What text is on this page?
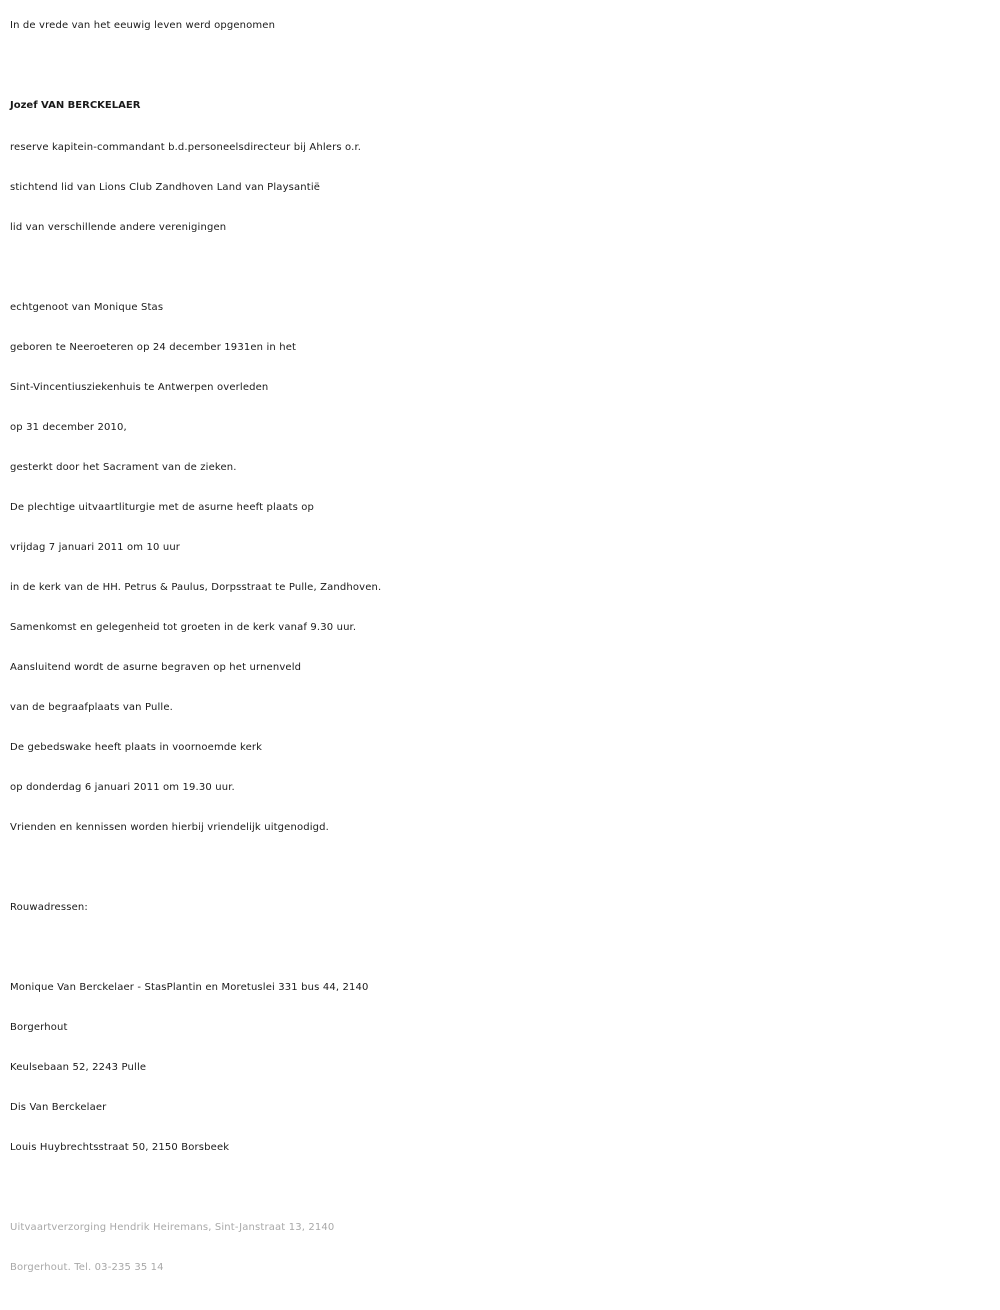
In de vrede van het eeuwig leven werd opgenomen
Jozef VAN BERCKELAER
reserve kapitein-commandant b.d.personeelsdirecteur bij Ahlers o.r.
stichtend lid van Lions Club Zandhoven Land van Playsantië
lid van verschillende andere verenigingen
echtgenoot van Monique Stas
geboren te Neeroeteren op 24 december 1931en in het
Sint-Vincentiusziekenhuis te Antwerpen overleden
op 31 december 2010,
gesterkt door het Sacrament van de zieken.
De plechtige uitvaartliturgie met de asurne heeft plaats op
vrijdag 7 januari 2011 om 10 uur
in de kerk van de HH. Petrus & Paulus, Dorpsstraat te Pulle, Zandhoven.
Samenkomst en gelegenheid tot groeten in de kerk vanaf 9.30 uur.
Aansluitend wordt de asurne begraven op het urnenveld
van de begraafplaats van Pulle.
De gebedswake heeft plaats in voornoemde kerk
op donderdag 6 januari 2011 om 19.30 uur.
Vrienden en kennissen worden hierbij vriendelijk uitgenodigd.
Rouwadressen:
Monique Van Berckelaer - StasPlantin en Moretuslei 331 bus 44, 2140
Borgerhout
Keulsebaan 52, 2243 Pulle
Dis Van Berckelaer
Louis Huybrechtsstraat 50, 2150 Borsbeek
Uitvaartverzorging Hendrik Heiremans, Sint-Janstraat 13, 2140
Borgerhout. Tel. 03-235 35 14
